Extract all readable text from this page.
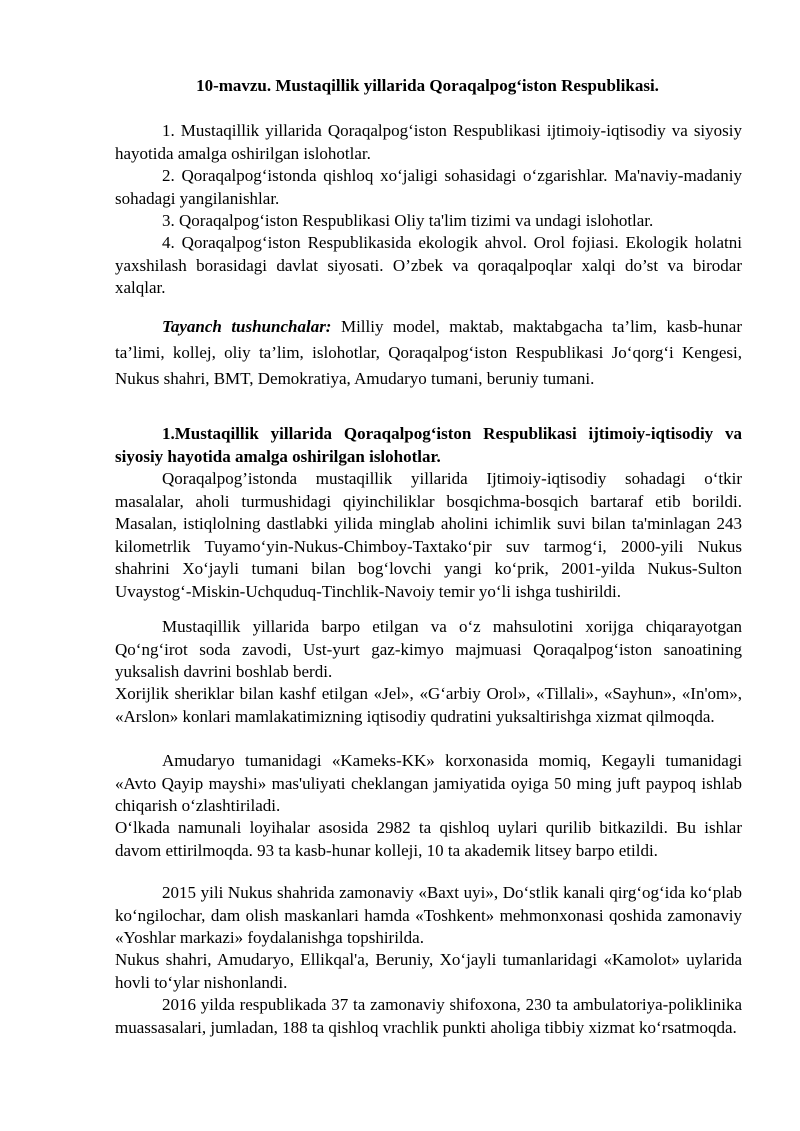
10-mavzu. Mustaqillik yillarida Qoraqalpog‘iston Respublikasi.

1. Mustaqillik yillarida Qoraqalpog‘iston Respublikasi ijtimoiy-iqtisodiy va siyosiy hayotida amalga oshirilgan islohotlar.

2. Qoraqalpog‘istonda qishloq xo‘jaligi sohasidagi o‘zgarishlar. Ma'naviy-madaniy sohadagi yangilanishlar.

3. Qoraqalpog‘iston Respublikasi Oliy ta'lim tizimi va undagi islohotlar.

4. Qoraqalpog‘iston Respublikasida ekologik ahvol. Orol fojiasi. Ekologik holatni yaxshilash borasidagi davlat siyosati. O’zbek va qoraqalpoqlar xalqi do’st va birodar xalqlar.

Tayanch tushunchalar: Milliy model, maktab, maktabgacha ta’lim, kasb-hunar ta’limi, kollej, oliy ta’lim, islohotlar, Qoraqalpog‘iston Respublikasi Jo‘qorg‘i Kengesi, Nukus shahri, BMT, Demokratiya, Amudaryo tumani, beruniy tumani.

1.Mustaqillik yillarida Qoraqalpog‘iston Respublikasi ijtimoiy-iqtisodiy va siyosiy hayotida amalga oshirilgan islohotlar.

Qoraqalpog’istonda mustaqillik yillarida Ijtimoiy-iqtisodiy sohadagi o‘tkir masalalar, aholi turmushidagi qiyinchiliklar bosqichma-bosqich bartaraf etib borildi. Masalan, istiqlolning dastlabki yilida minglab aholini ichimlik suvi bilan ta'minlagan 243 kilometrlik Tuyamo‘yin-Nukus-Chimboy-Taxtako‘pir suv tarmog‘i, 2000-yili Nukus shahrini Xo‘jayli tumani bilan bog‘lovchi yangi ko‘prik, 2001-yilda Nukus-Sulton Uvaystog‘-Miskin-Uchquduq-Tinchlik-Navoiy temir yo‘li ishga tushirildi.

Mustaqillik yillarida barpo etilgan va o‘z mahsulotini xorijga chiqarayotgan Qo‘ng‘irot soda zavodi, Ust-yurt gaz-kimyo majmuasi Qoraqalpog‘iston sanoatining yuksalish davrini boshlab berdi.

Xorijlik sheriklar bilan kashf etilgan «Jel», «G‘arbiy Orol», «Tillali», «Sayhun», «In'om», «Arslon» konlari mamlakatimizning iqtisodiy qudratini yuksaltirishga xizmat qilmoqda.

Amudaryo tumanidagi «Kameks-KK» korxonasida momiq, Kegayli tumanidagi «Avto Qayip mayshi» mas'uliyati cheklangan jamiyatida oyiga 50 ming juft paypoq ishlab chiqarish o‘zlashtiriladi.

O‘lkada namunali loyihalar asosida 2982 ta qishloq uylari qurilib bitkazildi. Bu ishlar davom ettirilmoqda. 93 ta kasb-hunar kolleji, 10 ta akademik litsey barpo etildi.

2015 yili Nukus shahrida zamonaviy «Baxt uyi», Do‘stlik kanali qirg‘og‘ida ko‘plab ko‘ngilochar, dam olish maskanlari hamda «Toshkent» mehmonxonasi qoshida zamonaviy «Yoshlar markazi» foydalanishga topshirilda.

Nukus shahri, Amudaryo, Ellikqal'a, Beruniy, Xo‘jayli tumanlaridagi «Kamolot» uylarida hovli to‘ylar nishonlandi.

2016 yilda respublikada 37 ta zamonaviy shifoxona, 230 ta ambulatoriya-poliklinika muassasalari, jumladan, 188 ta qishloq vrachlik punkti aholiga tibbiy xizmat ko‘rsatmoqda.
